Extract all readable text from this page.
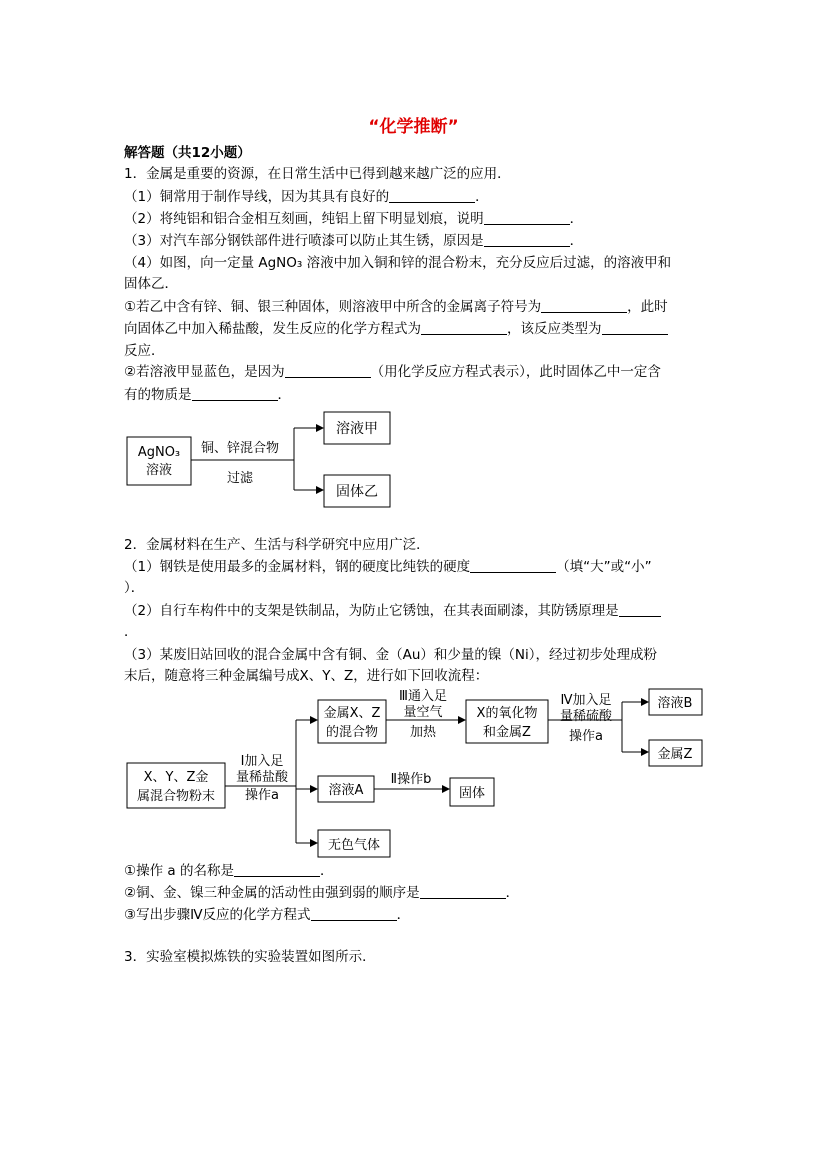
“化学推断”
解答题（共12小题）
1．金属是重要的资源，在日常生活中已得到越来越广泛的应用．
（1）铜常用于制作导线，因为其具有良好的	．
（2）将纯铝和铝合金相互刻画，纯铝上留下明显划痕，说明	．
（3）对汽车部分钢铁部件进行喷漆可以防止其生锈，原因是	．
（4）如图，向一定量 AgNO₃ 溶液中加入铜和锌的混合粉末，充分反应后过滤，的溶液甲和
固体乙．
①若乙中含有锌、铜、银三种固体，则溶液甲中所含的金属离子符号为	，此时
向固体乙中加入稀盐酸，发生反应的化学方程式为	，该反应类型为
反应．
②若溶液甲显蓝色，是因为	（用化学反应方程式表示），此时固体乙中一定含
有的物质是	．
AgNO₃
溶液
铜、锌混合物
过滤
溶液甲
固体乙
2．金属材料在生产、生活与科学研究中应用广泛．
（1）钢铁是使用最多的金属材料，钢的硬度比纯铁的硬度	（填“大”或“小”
）．
（2）自行车构件中的支架是铁制品，为防止它锈蚀，在其表面刷漆，其防锈原理是
．
（3）某废旧站回收的混合金属中含有铜、金（Au）和少量的镍（Ni），经过初步处理成粉
末后，随意将三种金属编号成X、Y、Z，进行如下回收流程：
X、Y、Z金
属混合物粉末
Ⅰ加入足
量稀盐酸
操作a
金属X、Z
的混合物
Ⅲ通入足
量空气
加热
X的氧化物
和金属Z
Ⅳ加入足
量稀硫酸
操作a
溶液B
金属Z
溶液A
Ⅱ操作b
固体
无色气体
①操作 a 的名称是	．
②铜、金、镍三种金属的活动性由强到弱的顺序是	．
③写出步骤Ⅳ反应的化学方程式	．
3．实验室模拟炼铁的实验装置如图所示．
